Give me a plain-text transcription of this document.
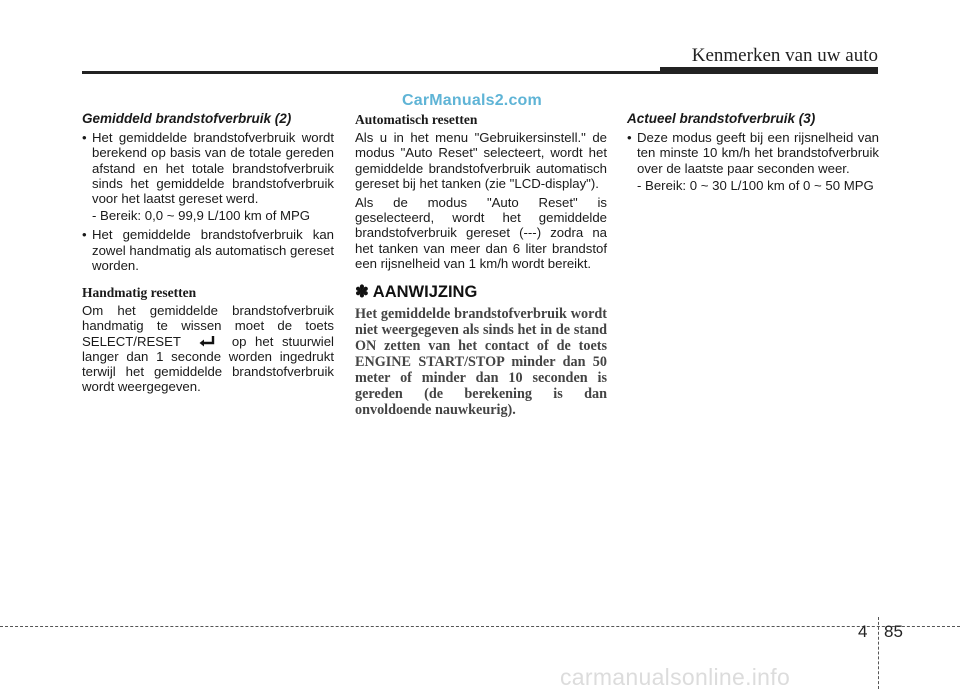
Kenmerken van uw auto
CarManuals2.com
Gemiddeld brandstofverbruik (2)
• Het gemiddelde brandstofverbruik wordt berekend op basis van de totale gereden afstand en het totale brandstofverbruik sinds het gemiddelde brandstofverbruik voor het laatst gereset werd.
- Bereik: 0,0 ~ 99,9 L/100 km of MPG
• Het gemiddelde brandstofverbruik kan zowel handmatig als automatisch gereset worden.
Handmatig resetten
Om het gemiddelde brandstofverbruik handmatig te wissen moet de toets SELECT/RESET	op het stuurwiel langer dan 1 seconde worden ingedrukt terwijl het gemiddelde brandstofverbruik wordt weergegeven.
Automatisch resetten
Als u in het menu "Gebruikersinstell." de modus "Auto Reset" selecteert, wordt het gemiddelde brandstofverbruik automatisch gereset bij het tanken (zie "LCD-display").
Als de modus "Auto Reset" is geselecteerd, wordt het gemiddelde brandstofverbruik gereset (---) zodra na het tanken van meer dan 6 liter brandstof een rijsnelheid van 1 km/h wordt bereikt.
✽ AANWIJZING
Het gemiddelde brandstofverbruik wordt niet weergegeven als sinds het in de stand ON zetten van het contact of de toets ENGINE START/STOP minder dan 50 meter of minder dan 10 seconden is gereden (de berekening is dan onvoldoende nauwkeurig).
Actueel brandstofverbruik (3)
• Deze modus geeft bij een rijsnelheid van ten minste 10 km/h het brandstofverbruik over de laatste paar seconden weer.
- Bereik: 0 ~ 30 L/100 km of 0 ~ 50 MPG
4 85
carmanualsonline.info
